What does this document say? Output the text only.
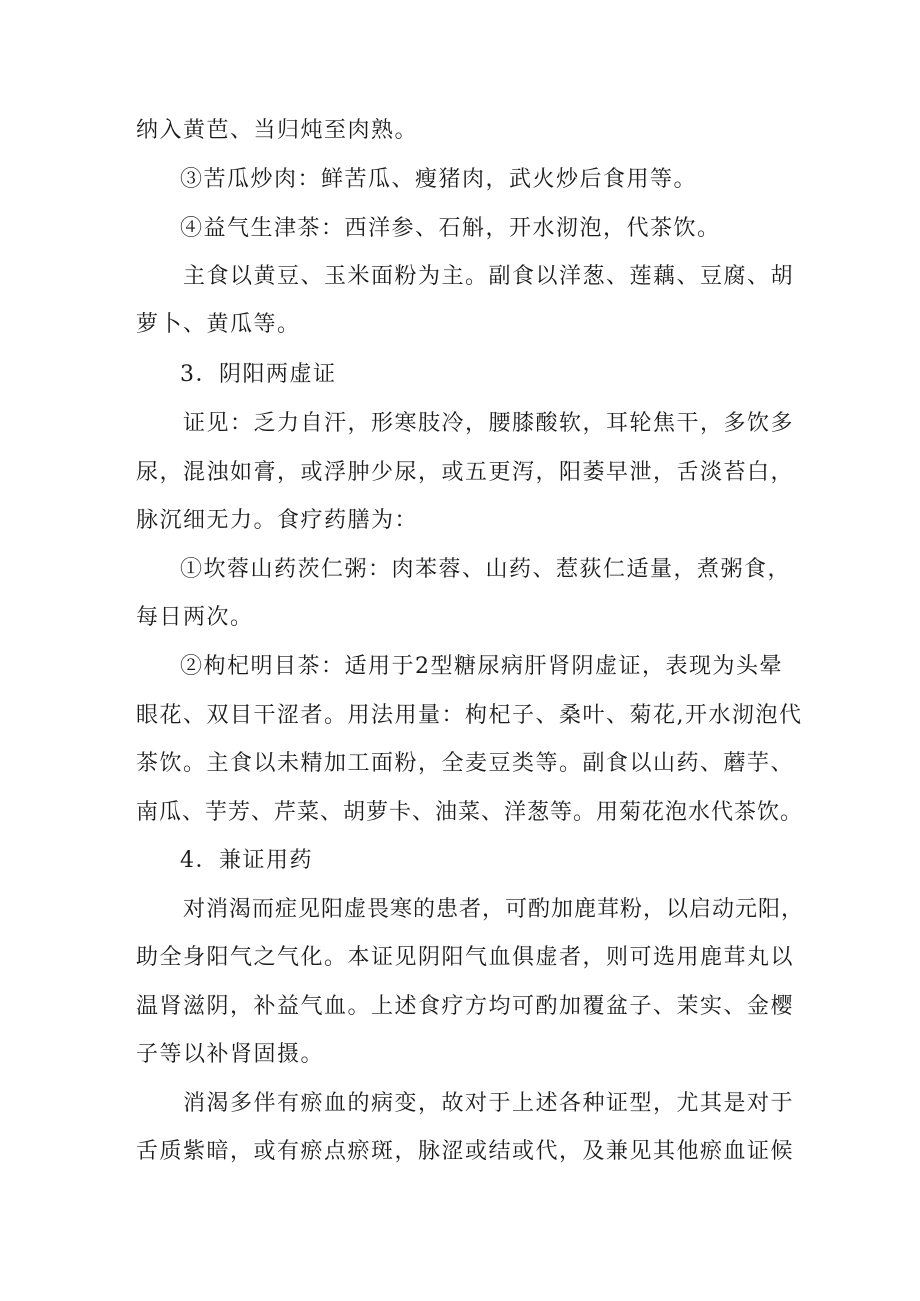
纳入黄芭、当归炖至肉熟。

③苦瓜炒肉：鲜苦瓜、瘦猪肉，武火炒后食用等。

④益气生津茶：西洋参、石斛，开水沏泡，代茶饮。

主食以黄豆、玉米面粉为主。副食以洋葱、莲藕、豆腐、胡

萝卜、黄瓜等。

3．阴阳两虚证

证见：乏力自汗，形寒肢冷，腰膝酸软，耳轮焦干，多饮多

尿，混浊如膏，或浮肿少尿，或五更泻，阳萎早泄，舌淡苔白，

脉沉细无力。食疗药膳为：

①坎蓉山药茨仁粥：肉苯蓉、山药、惹荻仁适量，煮粥食，

每日两次。

②枸杞明目茶：适用于2型糖尿病肝肾阴虚证，表现为头晕

眼花、双目干涩者。用法用量：枸杞子、桑叶、菊花,开水沏泡代

茶饮。主食以未精加工面粉，全麦豆类等。副食以山药、蘑芋、

南瓜、芋芳、芹菜、胡萝卡、油菜、洋葱等。用菊花泡水代茶饮。

4．兼证用药

对消渴而症见阳虚畏寒的患者，可酌加鹿茸粉，以启动元阳，

助全身阳气之气化。本证见阴阳气血俱虚者，则可选用鹿茸丸以

温肾滋阴，补益气血。上述食疗方均可酌加覆盆子、茉实、金樱

子等以补肾固摄。

消渴多伴有瘀血的病变，故对于上述各种证型，尤其是对于

舌质紫暗，或有瘀点瘀斑，脉涩或结或代，及兼见其他瘀血证候
